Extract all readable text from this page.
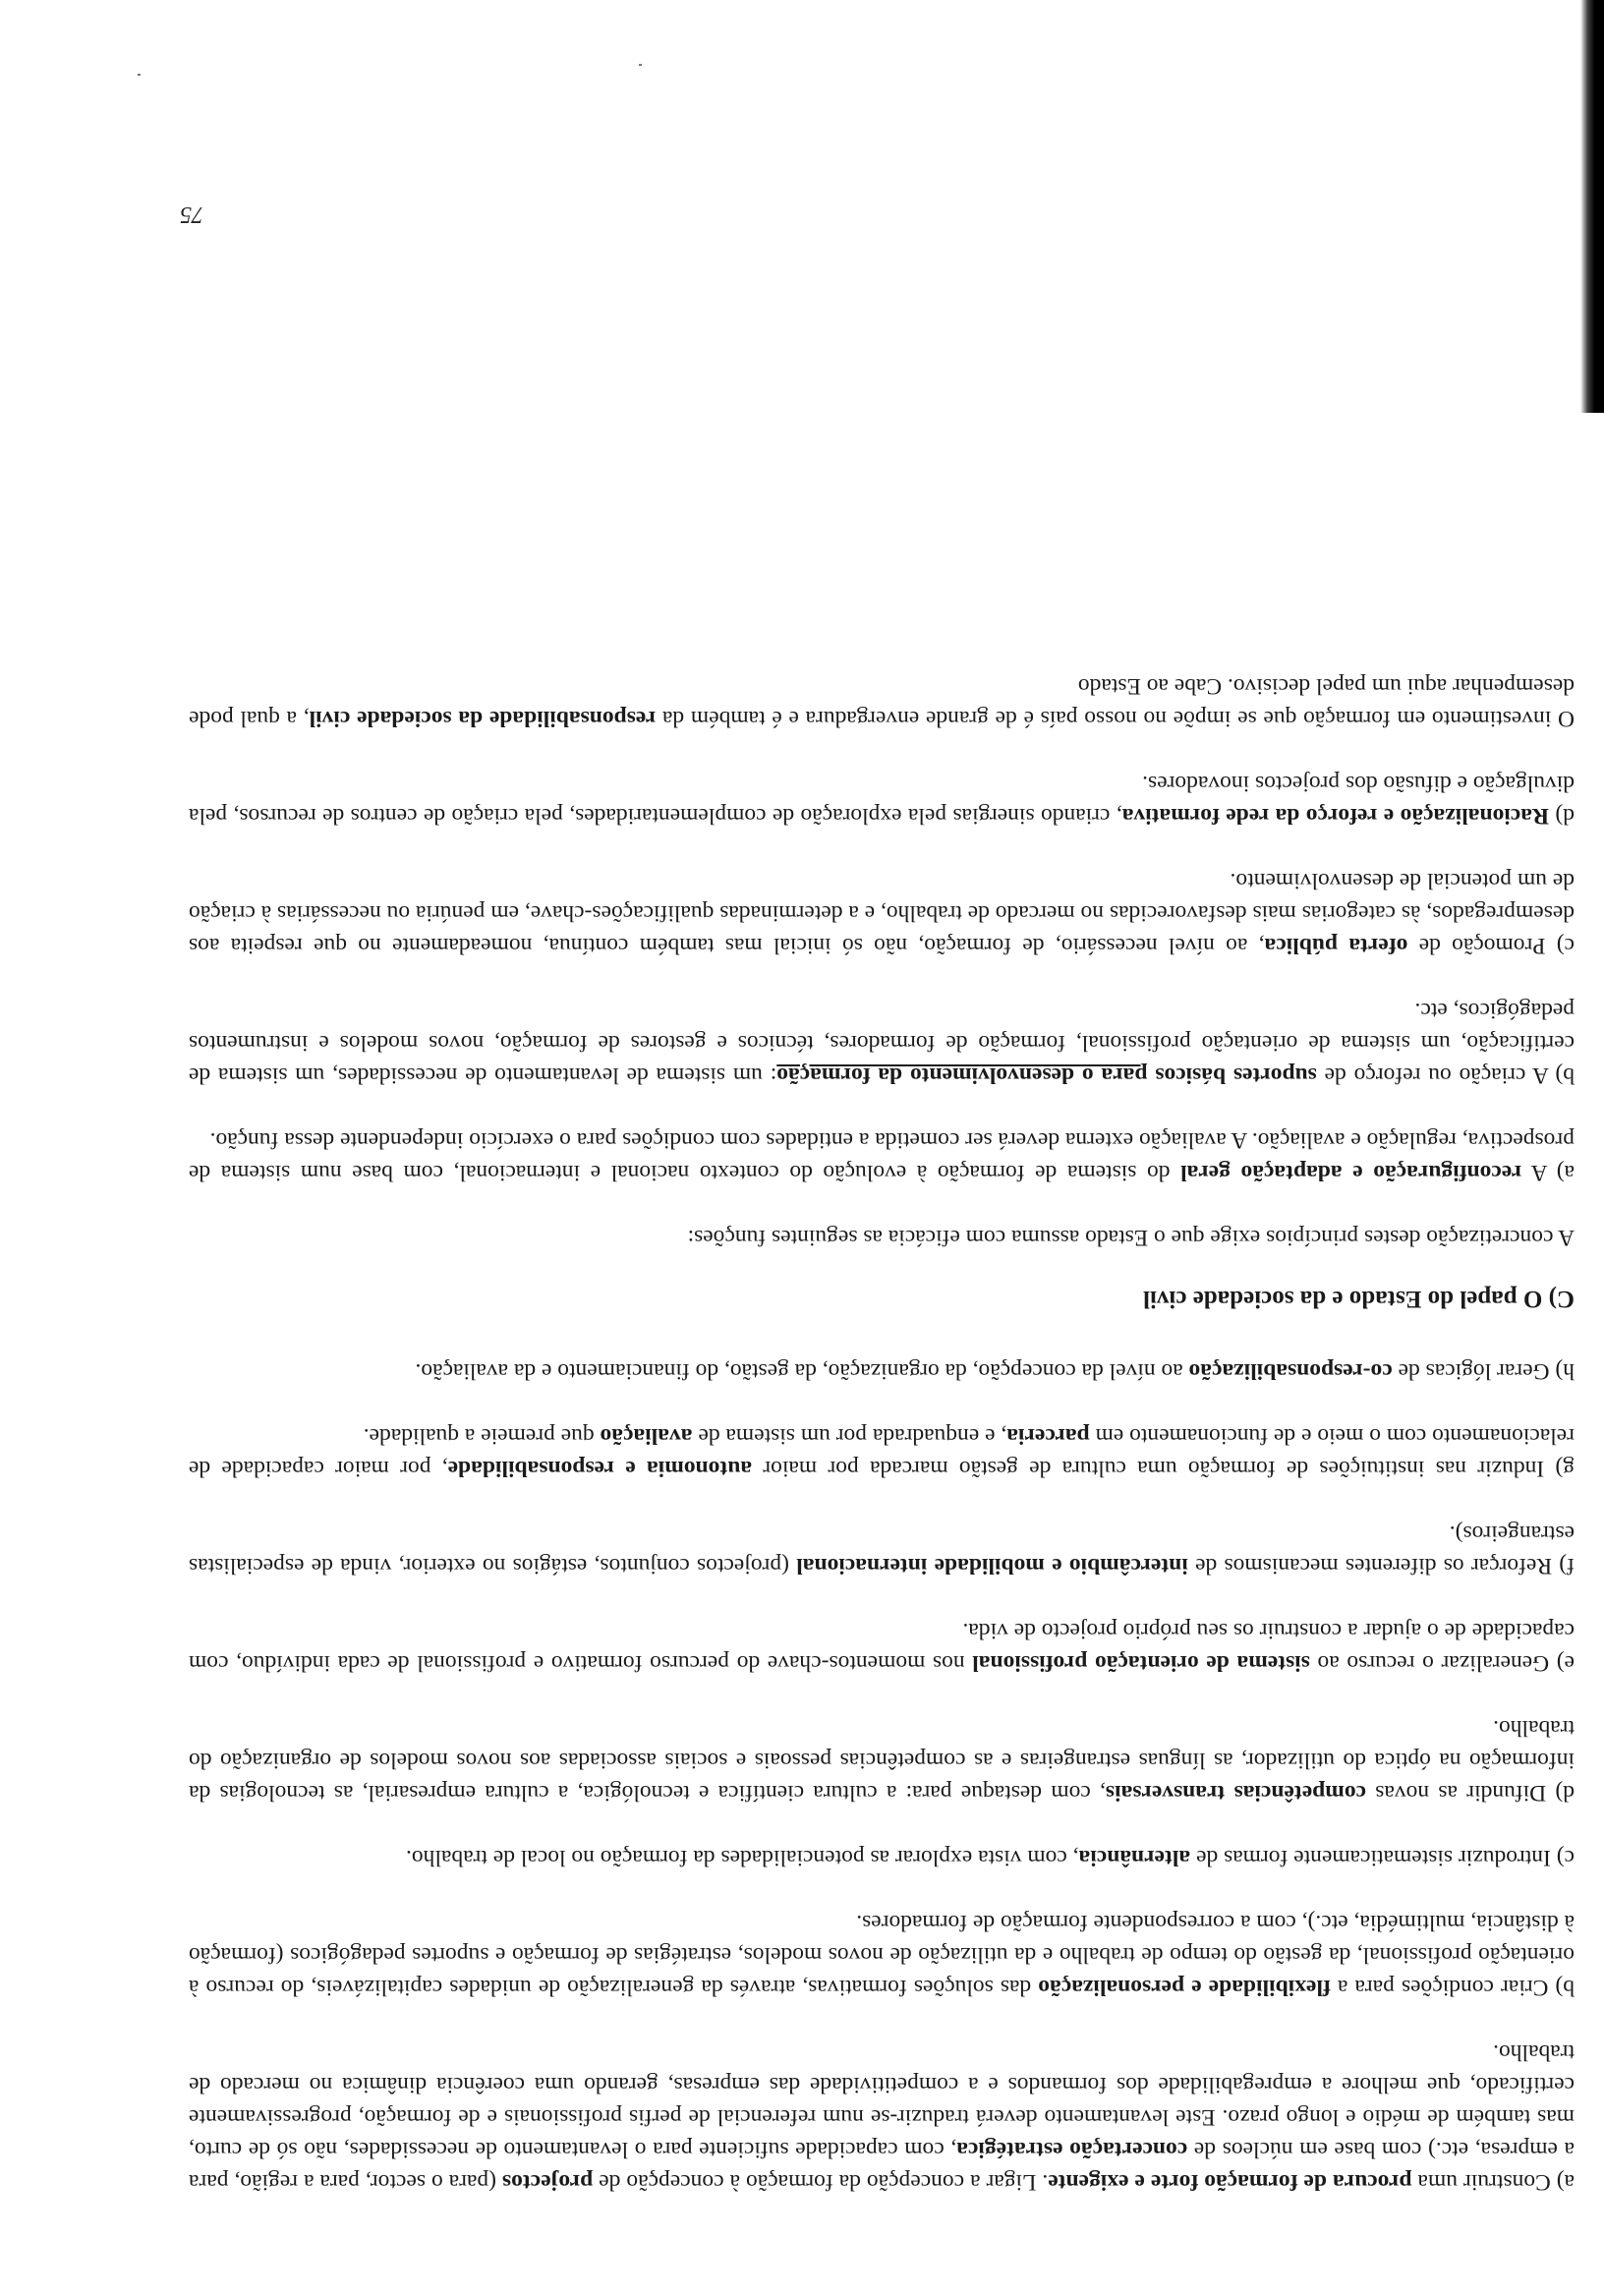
a) Construir uma procura de formação forte e exigente. Ligar a concepção da formação à concepção de projectos (para o sector, para a região, para a empresa, etc.) com base em núcleos de concertação estratégica, com capacidade suficiente para o levantamento de necessidades, não só de curto, mas também de médio e longo prazo. Este levantamento deverá traduzir-se num referencial de perfis profissionais e de formação, progressivamente certificado, que melhore a empregabilidade dos formandos e a competitividade das empresas, gerando uma coerência dinâmica no mercado de trabalho.

b) Criar condições para a flexibilidade e personalização das soluções formativas, através da generalização de unidades capitalizáveis, do recurso à orientação profissional, da gestão do tempo de trabalho e da utilização de novos modelos, estratégias de formação e suportes pedagógicos (formação à distância, multimédia, etc.), com a correspondente formação de formadores.

c) Introduzir sistematicamente formas de alternância, com vista explorar as potencialidades da formação no local de trabalho.

d) Difundir as novas competências transversais, com destaque para: a cultura científica e tecnológica, a cultura empresarial, as tecnologias da informação na óptica do utilizador, as línguas estrangeiras e as competências pessoais e sociais associadas aos novos modelos de organização do trabalho.

e) Generalizar o recurso ao sistema de orientação profissional nos momentos-chave do percurso formativo e profissional de cada indivíduo, com capacidade de o ajudar a construir os seu próprio projecto de vida.

f) Reforçar os diferentes mecanismos de intercâmbio e mobilidade internacional (projectos conjuntos, estágios no exterior, vinda de especialistas estrangeiros).

g) Induzir nas instituições de formação uma cultura de gestão marcada por maior autonomia e responsabilidade, por maior capacidade de relacionamento com o meio e de funcionamento em parceria, e enquadrada por um sistema de avaliação que premeie a qualidade.

h) Gerar lógicas de co-responsabilização ao nível da concepção, da organização, da gestão, do financiamento e da avaliação.

C) O papel do Estado e da sociedade civil

A concretização destes princípios exige que o Estado assuma com eficácia as seguintes funções:

a) A reconfiguração e adaptação geral do sistema de formação à evolução do contexto nacional e internacional, com base num sistema de prospectiva, regulação e avaliação. A avaliação externa deverá ser cometida a entidades com condições para o exercício independente dessa função.

b) A criação ou reforço de suportes básicos para o desenvolvimento da formação: um sistema de levantamento de necessidades, um sistema de certificação, um sistema de orientação profissional, formação de formadores, técnicos e gestores de formação, novos modelos e instrumentos pedagógicos, etc.

c) Promoção de oferta pública, ao nível necessário, de formação, não só inicial mas também contínua, nomeadamente no que respeita aos desempregados, às categorias mais desfavorecidas no mercado de trabalho, e a determinadas qualificações-chave, em penúria ou necessárias à criação de um potencial de desenvolvimento.

d) Racionalização e reforço da rede formativa, criando sinergias pela exploração de complementaridades, pela criação de centros de recursos, pela divulgação e difusão dos projectos inovadores.

O investimento em formação que se impõe no nosso país é de grande envergadura e é também da responsabilidade da sociedade civil, a qual pode desempenhar aqui um papel decisivo. Cabe ao Estado

75
